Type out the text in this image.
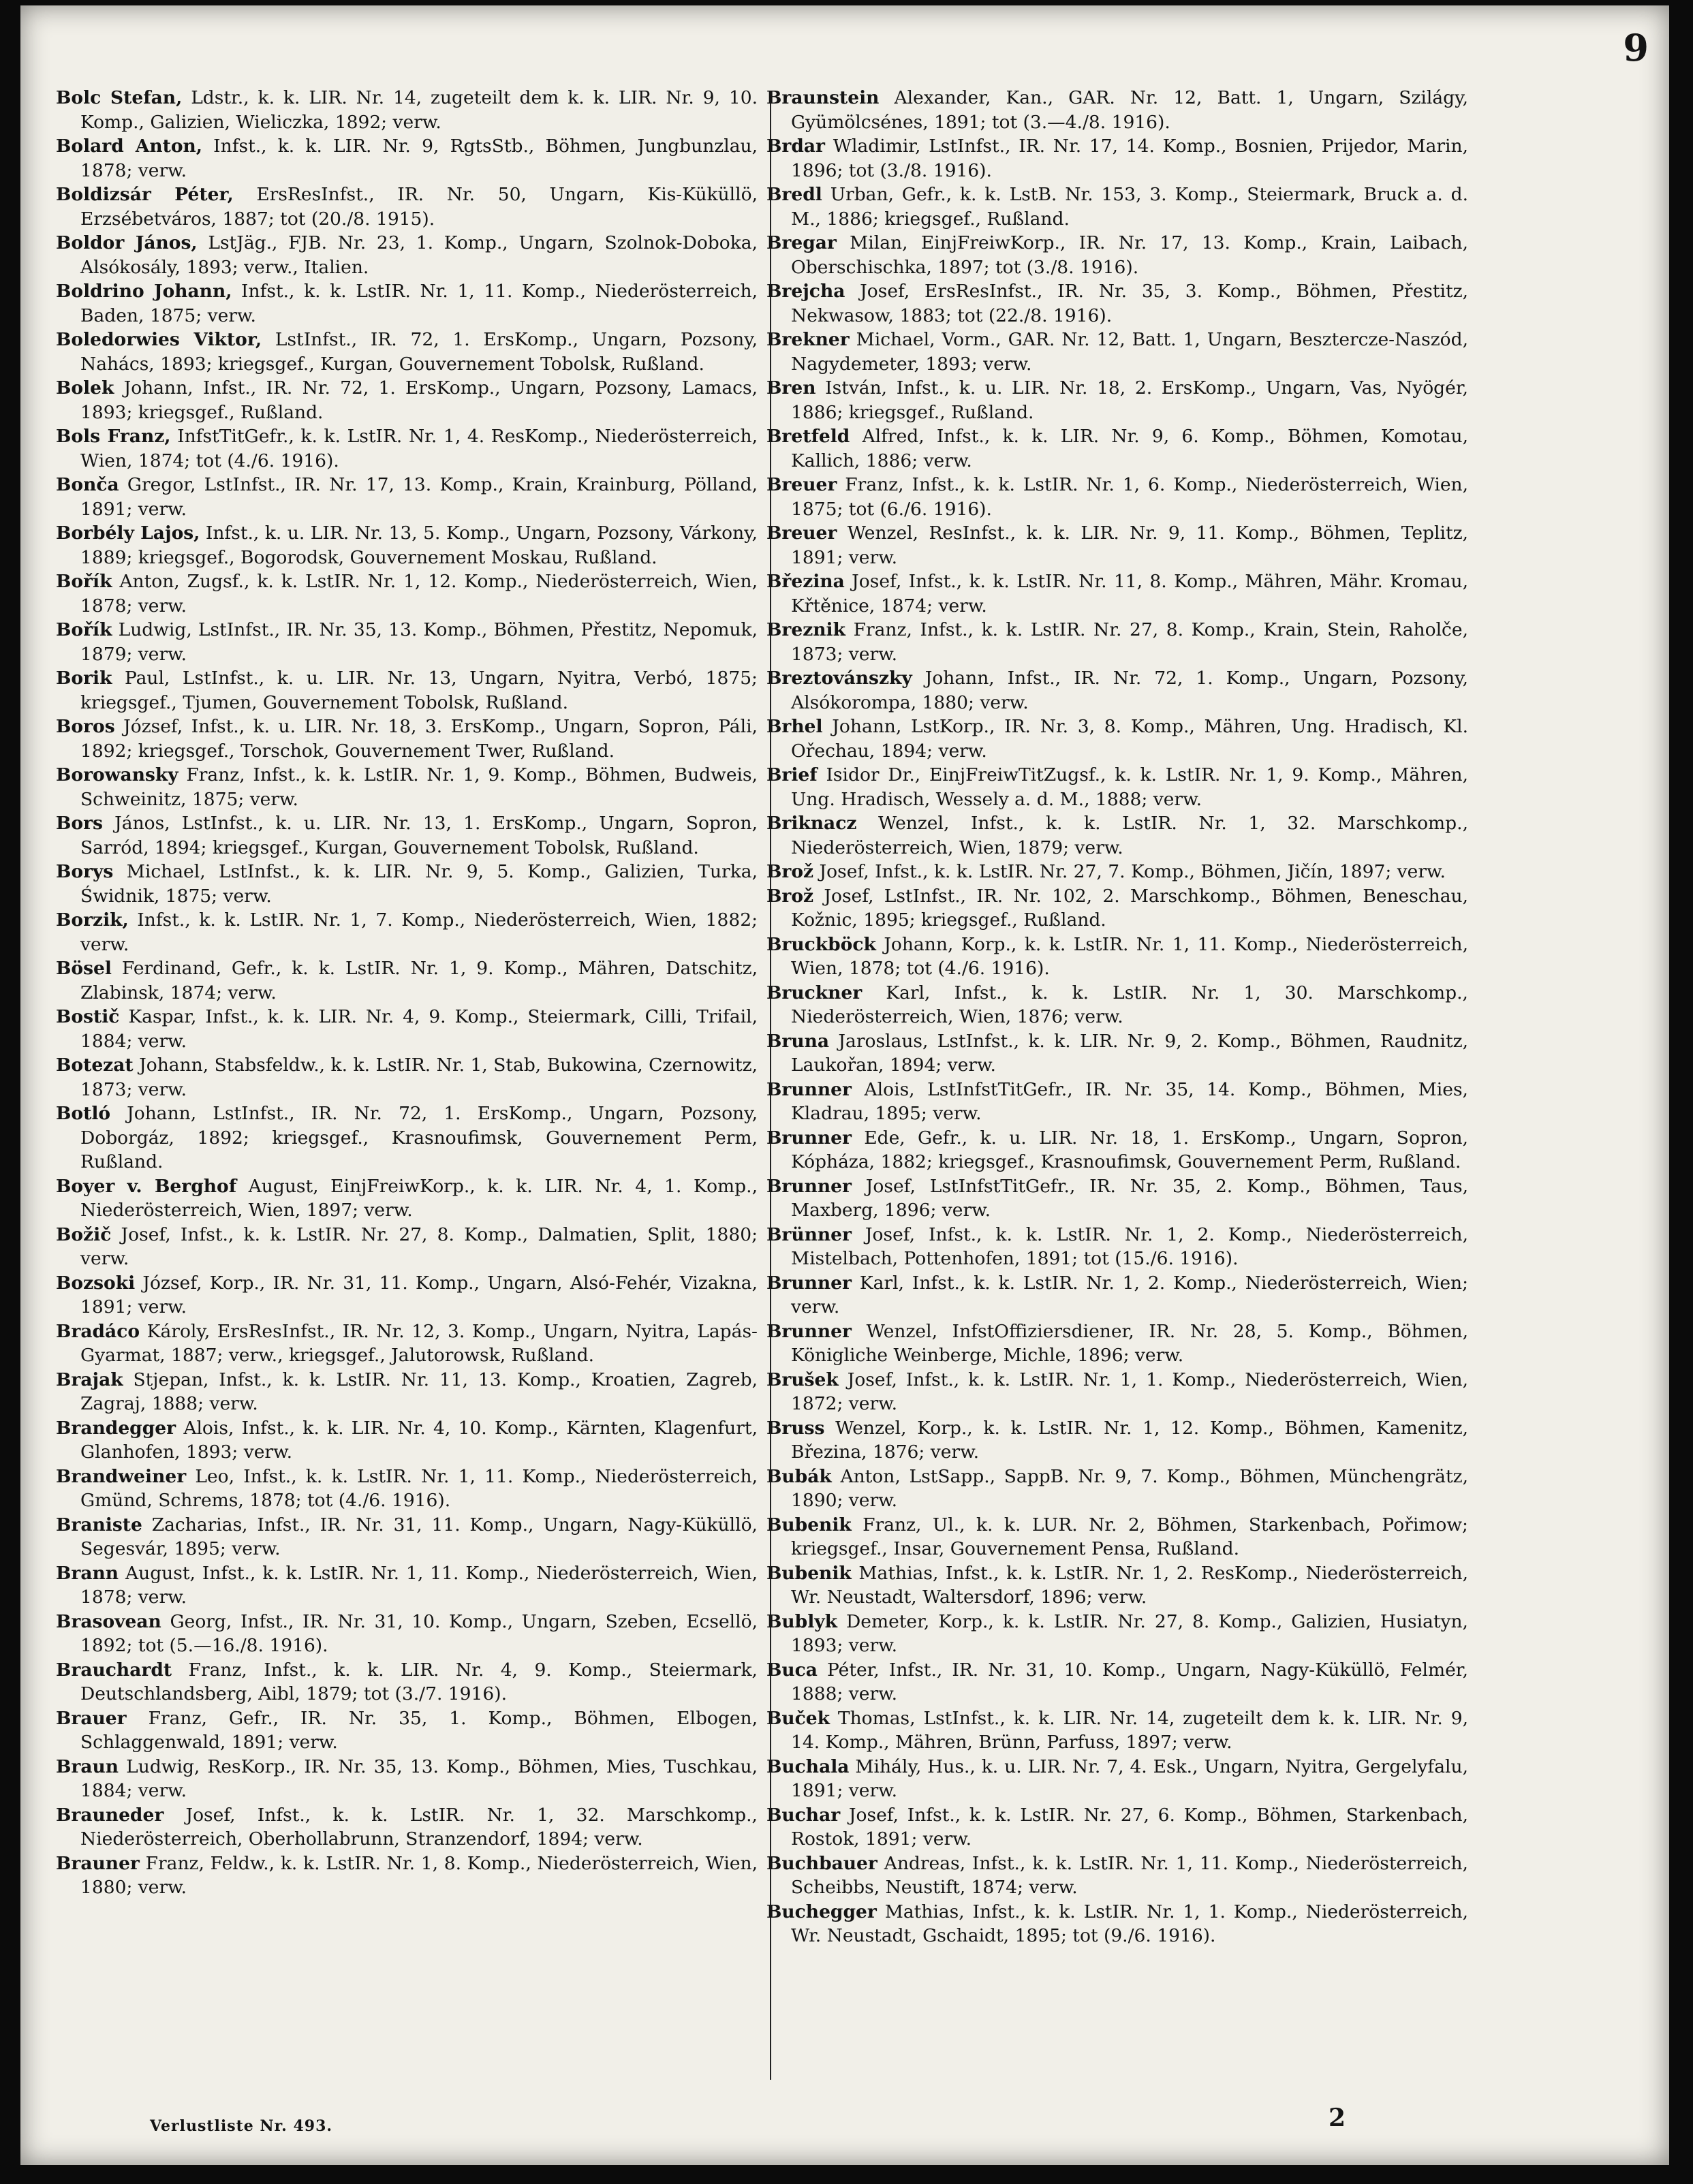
9

Bolc Stefan, Ldstr., k. k. LIR. Nr. 14, zugeteilt dem k. k. LIR. Nr. 9, 10. Komp., Galizien, Wieliczka, 1892; verw.

Bolard Anton, Infst., k. k. LIR. Nr. 9, RgtsStb., Böhmen, Jungbunzlau, 1878; verw.

Boldizsár Péter, ErsResInfst., IR. Nr. 50, Ungarn, Kis-Küküllö, Erzsébetváros, 1887; tot (20./8. 1915).

Boldor János, LstJäg., FJB. Nr. 23, 1. Komp., Ungarn, Szolnok-Doboka, Alsókosály, 1893; verw., Italien.

Boldrino Johann, Infst., k. k. LstIR. Nr. 1, 11. Komp., Niederösterreich, Baden, 1875; verw.

Boledorwies Viktor, LstInfst., IR. 72, 1. ErsKomp., Ungarn, Pozsony, Nahács, 1893; kriegsgef., Kurgan, Gouvernement Tobolsk, Rußland.

Bolek Johann, Infst., IR. Nr. 72, 1. ErsKomp., Ungarn, Pozsony, Lamacs, 1893; kriegsgef., Rußland.

Bols Franz, InfstTitGefr., k. k. LstIR. Nr. 1, 4. ResKomp., Niederösterreich, Wien, 1874; tot (4./6. 1916).

Bonča Gregor, LstInfst., IR. Nr. 17, 13. Komp., Krain, Krainburg, Pölland, 1891; verw.

Borbély Lajos, Infst., k. u. LIR. Nr. 13, 5. Komp., Ungarn, Pozsony, Várkony, 1889; kriegsgef., Bogorodsk, Gouvernement Moskau, Rußland.

Bořík Anton, Zugsf., k. k. LstIR. Nr. 1, 12. Komp., Niederösterreich, Wien, 1878; verw.

Bořík Ludwig, LstInfst., IR. Nr. 35, 13. Komp., Böhmen, Přestitz, Nepomuk, 1879; verw.

Borik Paul, LstInfst., k. u. LIR. Nr. 13, Ungarn, Nyitra, Verbó, 1875; kriegsgef., Tjumen, Gouvernement Tobolsk, Rußland.

Boros József, Infst., k. u. LIR. Nr. 18, 3. ErsKomp., Ungarn, Sopron, Páli, 1892; kriegsgef., Torschok, Gouvernement Twer, Rußland.

Borowansky Franz, Infst., k. k. LstIR. Nr. 1, 9. Komp., Böhmen, Budweis, Schweinitz, 1875; verw.

Bors János, LstInfst., k. u. LIR. Nr. 13, 1. ErsKomp., Ungarn, Sopron, Sarród, 1894; kriegsgef., Kurgan, Gouvernement Tobolsk, Rußland.

Borys Michael, LstInfst., k. k. LIR. Nr. 9, 5. Komp., Galizien, Turka, Świdnik, 1875; verw.

Borzik, Infst., k. k. LstIR. Nr. 1, 7. Komp., Niederösterreich, Wien, 1882; verw.

Bösel Ferdinand, Gefr., k. k. LstIR. Nr. 1, 9. Komp., Mähren, Datschitz, Zlabinsk, 1874; verw.

Bostič Kaspar, Infst., k. k. LIR. Nr. 4, 9. Komp., Steiermark, Cilli, Trifail, 1884; verw.

Botezat Johann, Stabsfeldw., k. k. LstIR. Nr. 1, Stab, Bukowina, Czernowitz, 1873; verw.

Botló Johann, LstInfst., IR. Nr. 72, 1. ErsKomp., Ungarn, Pozsony, Doborgáz, 1892; kriegsgef., Krasnoufimsk, Gouvernement Perm, Rußland.

Boyer v. Berghof August, EinjFreiwKorp., k. k. LIR. Nr. 4, 1. Komp., Niederösterreich, Wien, 1897; verw.

Božič Josef, Infst., k. k. LstIR. Nr. 27, 8. Komp., Dalmatien, Split, 1880; verw.

Bozsoki József, Korp., IR. Nr. 31, 11. Komp., Ungarn, Alsó-Fehér, Vizakna, 1891; verw.

Bradáco Károly, ErsResInfst., IR. Nr. 12, 3. Komp., Ungarn, Nyitra, Lapás-Gyarmat, 1887; verw., kriegsgef., Jalutorowsk, Rußland.

Brajak Stjepan, Infst., k. k. LstIR. Nr. 11, 13. Komp., Kroatien, Zagreb, Zagraj, 1888; verw.

Brandegger Alois, Infst., k. k. LIR. Nr. 4, 10. Komp., Kärnten, Klagenfurt, Glanhofen, 1893; verw.

Brandweiner Leo, Infst., k. k. LstIR. Nr. 1, 11. Komp., Niederösterreich, Gmünd, Schrems, 1878; tot (4./6. 1916).

Braniste Zacharias, Infst., IR. Nr. 31, 11. Komp., Ungarn, Nagy-Küküllö, Segesvár, 1895; verw.

Brann August, Infst., k. k. LstIR. Nr. 1, 11. Komp., Niederösterreich, Wien, 1878; verw.

Brasovean Georg, Infst., IR. Nr. 31, 10. Komp., Ungarn, Szeben, Ecsellö, 1892; tot (5.—16./8. 1916).

Brauchardt Franz, Infst., k. k. LIR. Nr. 4, 9. Komp., Steiermark, Deutschlandsberg, Aibl, 1879; tot (3./7. 1916).

Brauer Franz, Gefr., IR. Nr. 35, 1. Komp., Böhmen, Elbogen, Schlaggenwald, 1891; verw.

Braun Ludwig, ResKorp., IR. Nr. 35, 13. Komp., Böhmen, Mies, Tuschkau, 1884; verw.

Brauneder Josef, Infst., k. k. LstIR. Nr. 1, 32. Marschkomp., Niederösterreich, Oberhollabrunn, Stranzendorf, 1894; verw.

Brauner Franz, Feldw., k. k. LstIR. Nr. 1, 8. Komp., Niederösterreich, Wien, 1880; verw.

Braunstein Alexander, Kan., GAR. Nr. 12, Batt. 1, Ungarn, Szilágy, Gyümölcsénes, 1891; tot (3.—4./8. 1916).

Brdar Wladimir, LstInfst., IR. Nr. 17, 14. Komp., Bosnien, Prijedor, Marin, 1896; tot (3./8. 1916).

Bredl Urban, Gefr., k. k. LstB. Nr. 153, 3. Komp., Steiermark, Bruck a. d. M., 1886; kriegsgef., Rußland.

Bregar Milan, EinjFreiwKorp., IR. Nr. 17, 13. Komp., Krain, Laibach, Oberschischka, 1897; tot (3./8. 1916).

Brejcha Josef, ErsResInfst., IR. Nr. 35, 3. Komp., Böhmen, Přestitz, Nekwasow, 1883; tot (22./8. 1916).

Brekner Michael, Vorm., GAR. Nr. 12, Batt. 1, Ungarn, Besztercze-Naszód, Nagydemeter, 1893; verw.

Bren István, Infst., k. u. LIR. Nr. 18, 2. ErsKomp., Ungarn, Vas, Nyögér, 1886; kriegsgef., Rußland.

Bretfeld Alfred, Infst., k. k. LIR. Nr. 9, 6. Komp., Böhmen, Komotau, Kallich, 1886; verw.

Breuer Franz, Infst., k. k. LstIR. Nr. 1, 6. Komp., Niederösterreich, Wien, 1875; tot (6./6. 1916).

Breuer Wenzel, ResInfst., k. k. LIR. Nr. 9, 11. Komp., Böhmen, Teplitz, 1891; verw.

Březina Josef, Infst., k. k. LstIR. Nr. 11, 8. Komp., Mähren, Mähr. Kromau, Křtěnice, 1874; verw.

Breznik Franz, Infst., k. k. LstIR. Nr. 27, 8. Komp., Krain, Stein, Raholče, 1873; verw.

Breztovánszky Johann, Infst., IR. Nr. 72, 1. Komp., Ungarn, Pozsony, Alsókorompa, 1880; verw.

Brhel Johann, LstKorp., IR. Nr. 3, 8. Komp., Mähren, Ung. Hradisch, Kl. Ořechau, 1894; verw.

Brief Isidor Dr., EinjFreiwTitZugsf., k. k. LstIR. Nr. 1, 9. Komp., Mähren, Ung. Hradisch, Wessely a. d. M., 1888; verw.

Briknacz Wenzel, Infst., k. k. LstIR. Nr. 1, 32. Marschkomp., Niederösterreich, Wien, 1879; verw.

Brož Josef, Infst., k. k. LstIR. Nr. 27, 7. Komp., Böhmen, Jičín, 1897; verw.

Brož Josef, LstInfst., IR. Nr. 102, 2. Marschkomp., Böhmen, Beneschau, Kožnic, 1895; kriegsgef., Rußland.

Bruckböck Johann, Korp., k. k. LstIR. Nr. 1, 11. Komp., Niederösterreich, Wien, 1878; tot (4./6. 1916).

Bruckner Karl, Infst., k. k. LstIR. Nr. 1, 30. Marschkomp., Niederösterreich, Wien, 1876; verw.

Bruna Jaroslaus, LstInfst., k. k. LIR. Nr. 9, 2. Komp., Böhmen, Raudnitz, Laukořan, 1894; verw.

Brunner Alois, LstInfstTitGefr., IR. Nr. 35, 14. Komp., Böhmen, Mies, Kladrau, 1895; verw.

Brunner Ede, Gefr., k. u. LIR. Nr. 18, 1. ErsKomp., Ungarn, Sopron, Kópháza, 1882; kriegsgef., Krasnoufimsk, Gouvernement Perm, Rußland.

Brunner Josef, LstInfstTitGefr., IR. Nr. 35, 2. Komp., Böhmen, Taus, Maxberg, 1896; verw.

Brünner Josef, Infst., k. k. LstIR. Nr. 1, 2. Komp., Niederösterreich, Mistelbach, Pottenhofen, 1891; tot (15./6. 1916).

Brunner Karl, Infst., k. k. LstIR. Nr. 1, 2. Komp., Niederösterreich, Wien; verw.

Brunner Wenzel, InfstOffiziersdiener, IR. Nr. 28, 5. Komp., Böhmen, Königliche Weinberge, Michle, 1896; verw.

Brušek Josef, Infst., k. k. LstIR. Nr. 1, 1. Komp., Niederösterreich, Wien, 1872; verw.

Bruss Wenzel, Korp., k. k. LstIR. Nr. 1, 12. Komp., Böhmen, Kamenitz, Březina, 1876; verw.

Bubák Anton, LstSapp., SappB. Nr. 9, 7. Komp., Böhmen, Münchengrätz, 1890; verw.

Bubenik Franz, Ul., k. k. LUR. Nr. 2, Böhmen, Starkenbach, Pořimow; kriegsgef., Insar, Gouvernement Pensa, Rußland.

Bubenik Mathias, Infst., k. k. LstIR. Nr. 1, 2. ResKomp., Niederösterreich, Wr. Neustadt, Waltersdorf, 1896; verw.

Bublyk Demeter, Korp., k. k. LstIR. Nr. 27, 8. Komp., Galizien, Husiatyn, 1893; verw.

Buca Péter, Infst., IR. Nr. 31, 10. Komp., Ungarn, Nagy-Küküllö, Felmér, 1888; verw.

Buček Thomas, LstInfst., k. k. LIR. Nr. 14, zugeteilt dem k. k. LIR. Nr. 9, 14. Komp., Mähren, Brünn, Parfuss, 1897; verw.

Buchala Mihály, Hus., k. u. LIR. Nr. 7, 4. Esk., Ungarn, Nyitra, Gergelyfalu, 1891; verw.

Buchar Josef, Infst., k. k. LstIR. Nr. 27, 6. Komp., Böhmen, Starkenbach, Rostok, 1891; verw.

Buchbauer Andreas, Infst., k. k. LstIR. Nr. 1, 11. Komp., Niederösterreich, Scheibbs, Neustift, 1874; verw.

Buchegger Mathias, Infst., k. k. LstIR. Nr. 1, 1. Komp., Niederösterreich, Wr. Neustadt, Gschaidt, 1895; tot (9./6. 1916).

Verlustliste Nr. 493.	2
